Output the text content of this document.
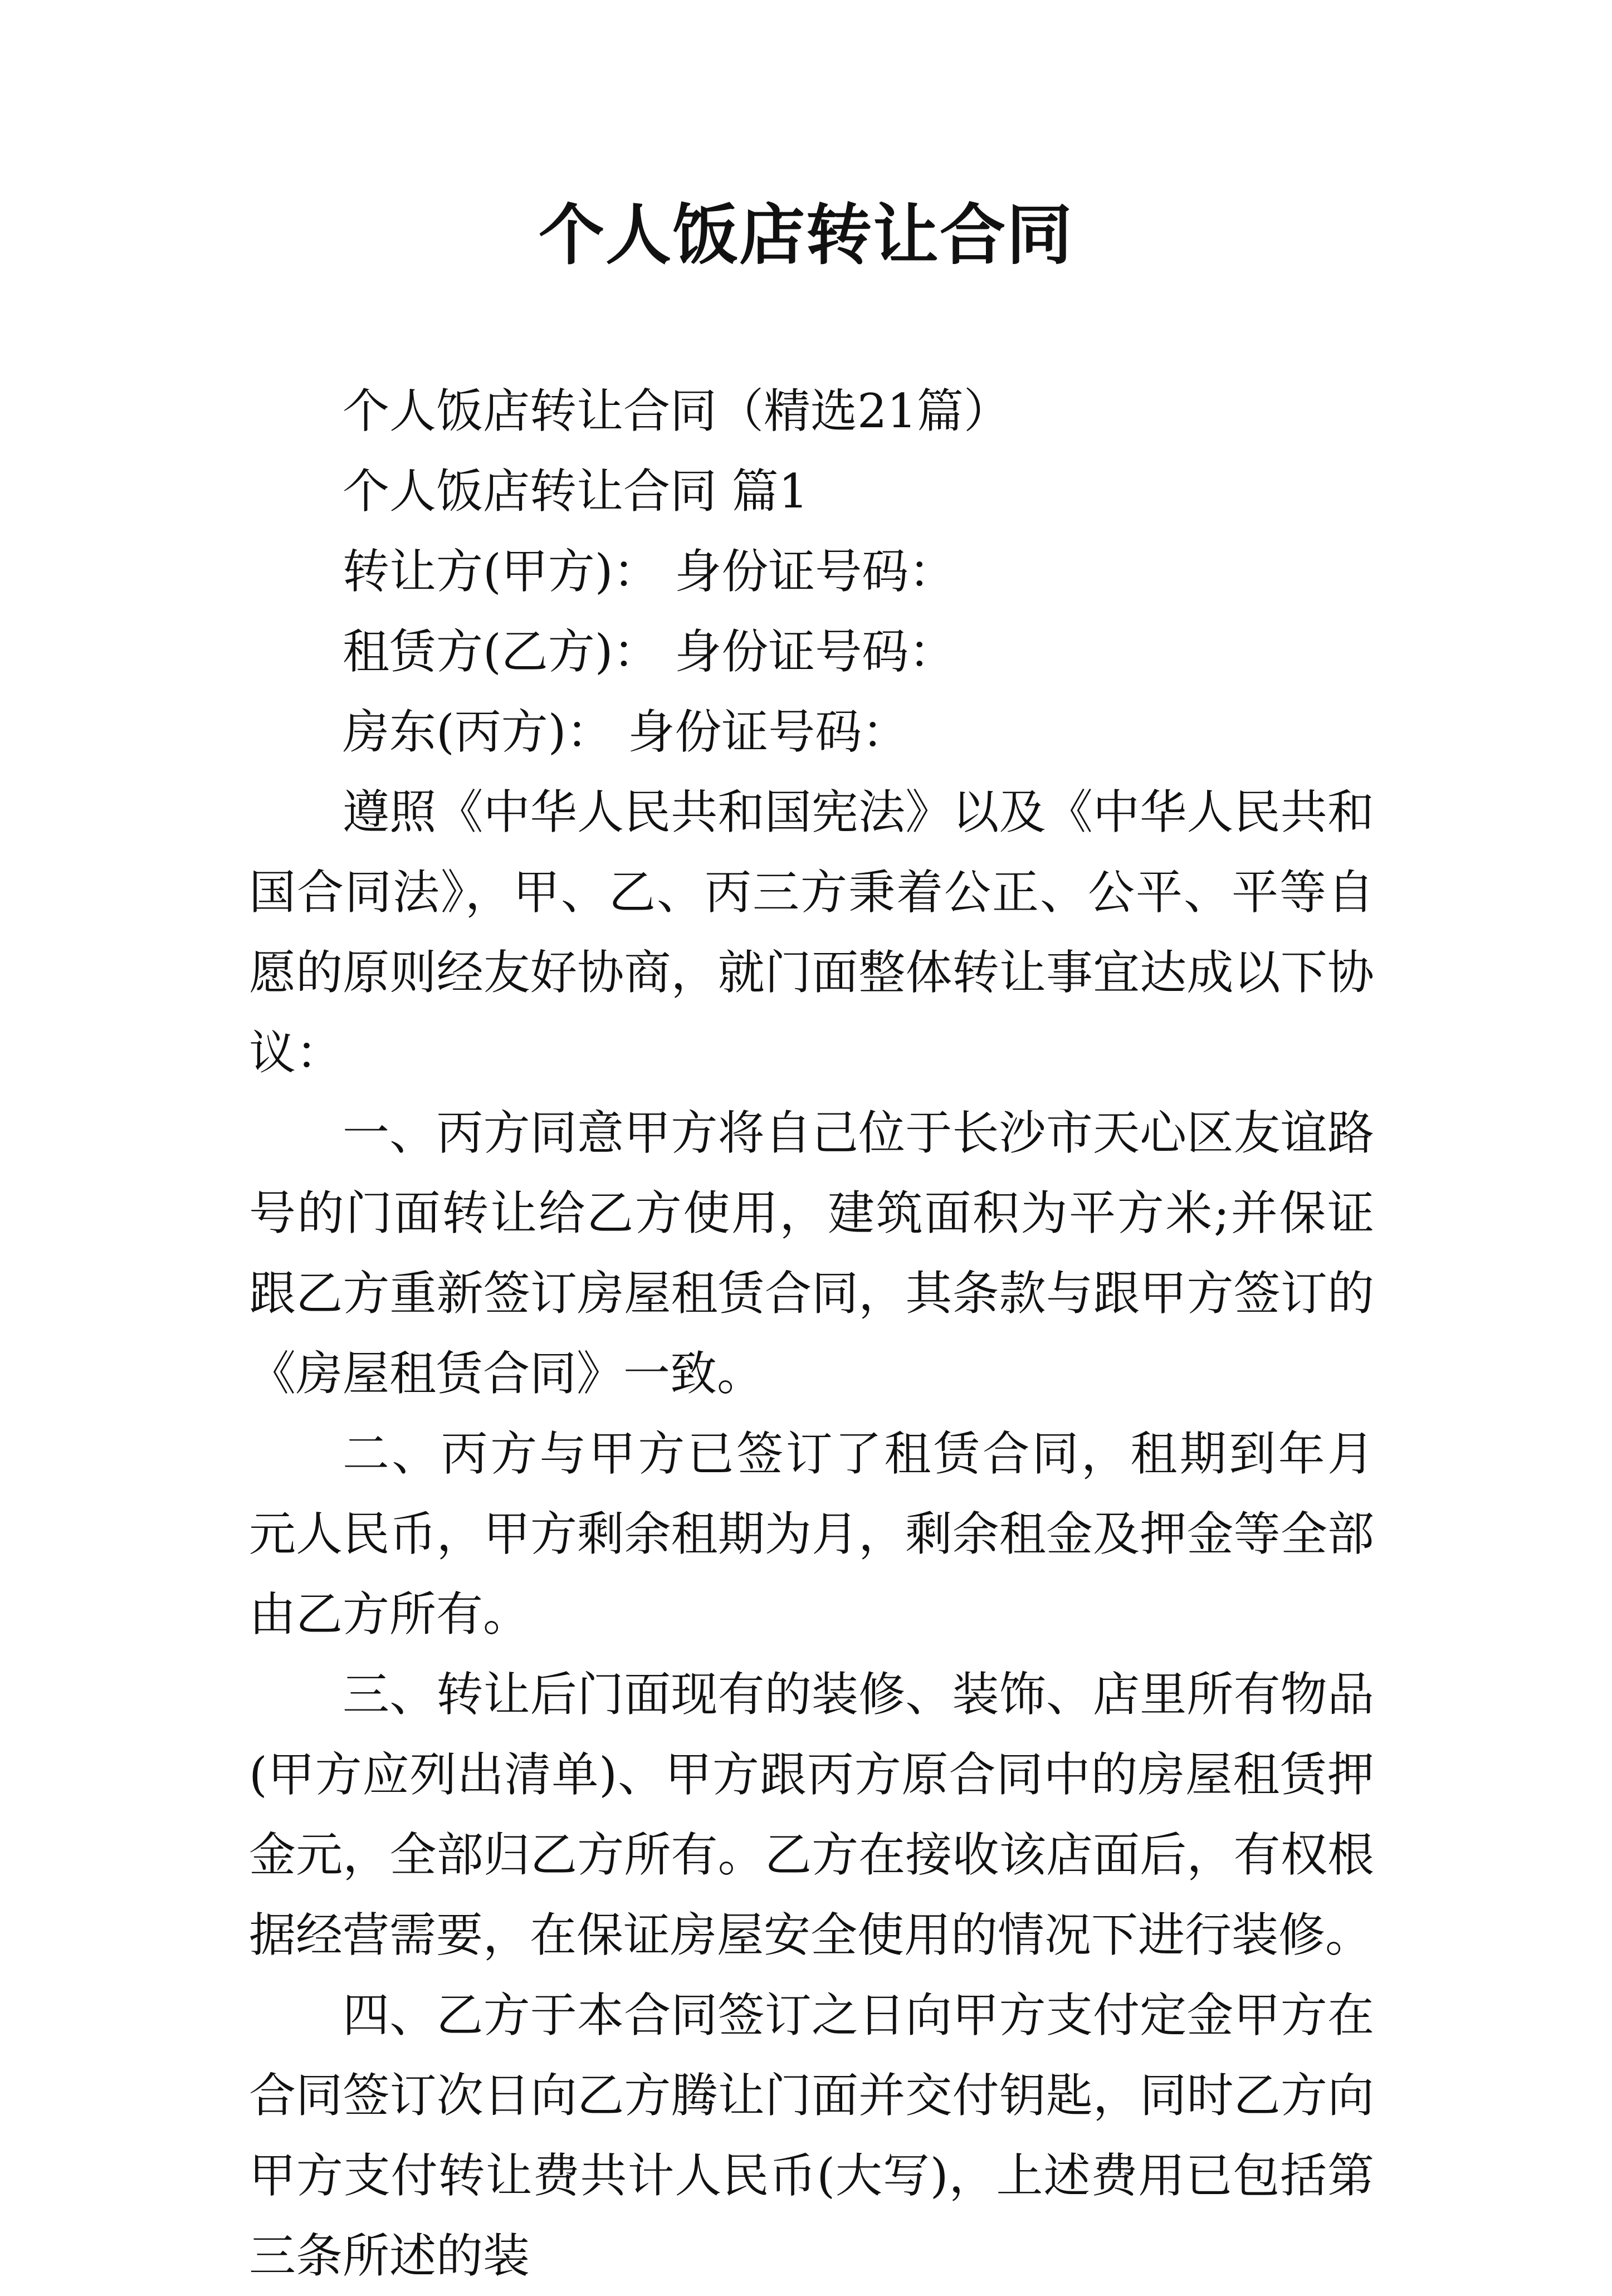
个人饭店转让合同

个人饭店转让合同（精选21篇）

个人饭店转让合同 篇1

转让方(甲方)： 身份证号码：

租赁方(乙方)： 身份证号码：

房东(丙方)： 身份证号码：

遵照《中华人民共和国宪法》以及《中华人民共和国合同法》，甲、乙、丙三方秉着公正、公平、平等自愿的原则经友好协商，就门面整体转让事宜达成以下协议：

一、丙方同意甲方将自己位于长沙市天心区友谊路号的门面转让给乙方使用，建筑面积为平方米;并保证跟乙方重新签订房屋租赁合同，其条款与跟甲方签订的《房屋租赁合同》一致。

二、丙方与甲方已签订了租赁合同，租期到年月 元人民币，甲方剩余租期为月，剩余租金及押金等全部由乙方所有。

三、转让后门面现有的装修、装饰、店里所有物品(甲方应列出清单)、甲方跟丙方原合同中的房屋租赁押金元，全部归乙方所有。乙方在接收该店面后，有权根据经营需要，在保证房屋安全使用的情况下进行装修。

四、乙方于本合同签订之日向甲方支付定金甲方在合同签订次日向乙方腾让门面并交付钥匙，同时乙方向甲方支付转让费共计人民币(大写)，上述费用已包括第三条所述的装
